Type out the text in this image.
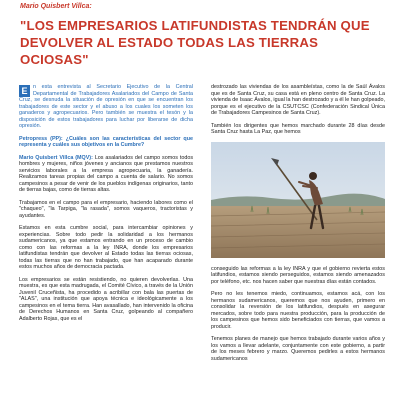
Mario Quisbert Villca:
"LOS EMPRESARIOS LATIFUNDISTAS TENDRÁN QUE DEVOLVER AL ESTADO TODAS LAS TIERRAS OCIOSAS"

E	n esta entrevista al Secretario Ejecutivo de la Central Departamental de Trabajadores Asalariados del Campo de Santa Cruz, se desnuda la situación de opresión en que se encuentran los trabajadores de este sector y el abuso a los cuales los someten los ganaderos y agropecuarios. Pero también se muestra el tesón y la disposición de estos trabajadores para luchar por liberarse de dicha opresión.

Petropress (PP): ¿Cuáles son las características del sector que representa y cuáles sus objetivos en la Cumbre?

Mario Quisbert Villca (MQV): Los asalariados del campo somos todos hombres y mujeres, niños jóvenes y ancianos que prestamos nuestros servicios laborales a la empresa agropecuaria, la ganadería. Realizamos tareas propias del campo a cuenta de salario. No somos campesinos a pesar de venir de los pueblos indígenas originarios, tanto de tierras bajas, como de tierras altas.

Trabajamos en el campo para el empresario, haciendo labores como el "chaqueo", "la Tarpiga, "la rasada", somos vaqueros, tractoristas y ayudantes.

Estamos en esta cumbre social, para intercambiar opiniones y experiencias. Sobre todo pedir la solidaridad a los hermanos sudamericanos, ya que estamos entrando en un proceso de cambio como con las reformas a la ley INRA, donde los empresarios latifundistas tendrán que devolver al Estado todas las tierras ociosas, todas las tierras que no han trabajado, que han acaparado durante estos muchos años de democracia pactada.

Los empresarios se están resistiendo, no quieren devolverlas. Una muestra, es que esta madrugada, el Comité Cívico, a través de la Unión Juvenil Cruceñista, ha procedido a acribillar con bala las puertas de "ALAS", una institución que apoya técnica e ideológicamente a los campesinos en el tema tierra. Han avasallado, han intervenido la oficina de Derechos Humanos en Santa Cruz, golpeando al compañero Adalberto Rojas, que es el

destrozado las viviendas de los asambleístas, como la de Saúl Ávalos que es de Santa Cruz, su casa está en pleno centro de Santa Cruz. La vivienda de Isaac Ávalos, igual la han destrozado y a él le han golpeado, porque es el ejecutivo de la CSUTCSC (Confederación Sindical Única de Trabajadores Campesinos de Santa Cruz).

También los dirigentes que hemos marchado durante 28 días desde Santa Cruz hasta La Paz, que hemos

conseguido las reformas a la ley INRA y que el gobierno revierta estos latifundios, estamos siendo perseguidos, estamos siendo amenazados por teléfono, etc. nos hacen saber que nuestras días están contados.

Pero no les tenemos miedo, continuamos, estamos acá, con los hermanos sudamericanos, queremos que nos ayuden, primero en consolidar la reversión de los latifundios, después en asegurar mercados, sobre todo para nuestra producción, para la producción de los campesinos que hemos sido beneficiados con tierras, que vamos a producir.

Tenemos planes de manejo que hemos trabajado durante varios años y los vamos a llevar adelante, conjuntamente con este gobierno, a partir de los meses febrero y marzo. Queremos pedirles a estos hermanos sudamericanos
